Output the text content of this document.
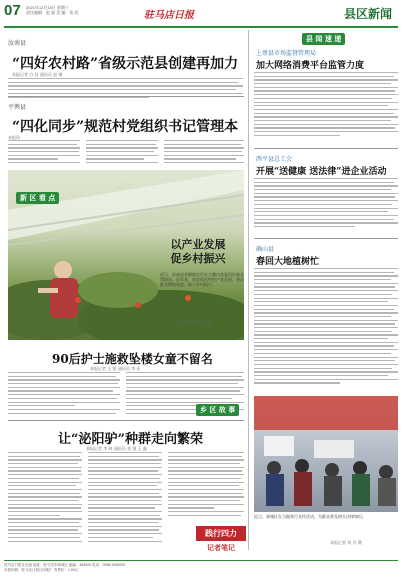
07 2021年12月15日 星期三
责任编辑：赵 斌 美 编：张 欣	驻马店日报	县区新闻
汝南县
“四好农村路”省级示范县创建再加力
本报记者 白 钰 通讯员 赵 钢
平舆县
“四化同步”规范村党组织书记管理本
本报讯
新 区 看 点
以产业发展
促乡村振兴
近日，汝南县金铺镇农民在大棚内查看西红柿长势情况。近年来，该县依托特色产业发展，带动群众增收致富，助力乡村振兴。
本报记者 刘 芳 摄
90后护士施救坠楼女童不留名
本报记者 王 锐 通讯员 李 亚
乡 区 故 事
让“泌阳驴”种群走向繁荣
本报记者 李 林 通讯员 张 强 王 鑫
践行四力
记者笔记
县 闻 速 递
上蔡县市场监督管理局
加大网络消费平台监管力度
西平县总工会
开展“送健康 送法律”进企业活动
确山县
春回大地植树忙
近日，驿城区在当地举行宣传活动，为群众普及相关法律知识。
本报记者 刘 洋 摄
驻马店日报社出版 地址：驻马店市驿城区 邮编：463000 电话：0396-2626000
本报印刷：驻马店日报社印刷厂 零售价：1.00元
